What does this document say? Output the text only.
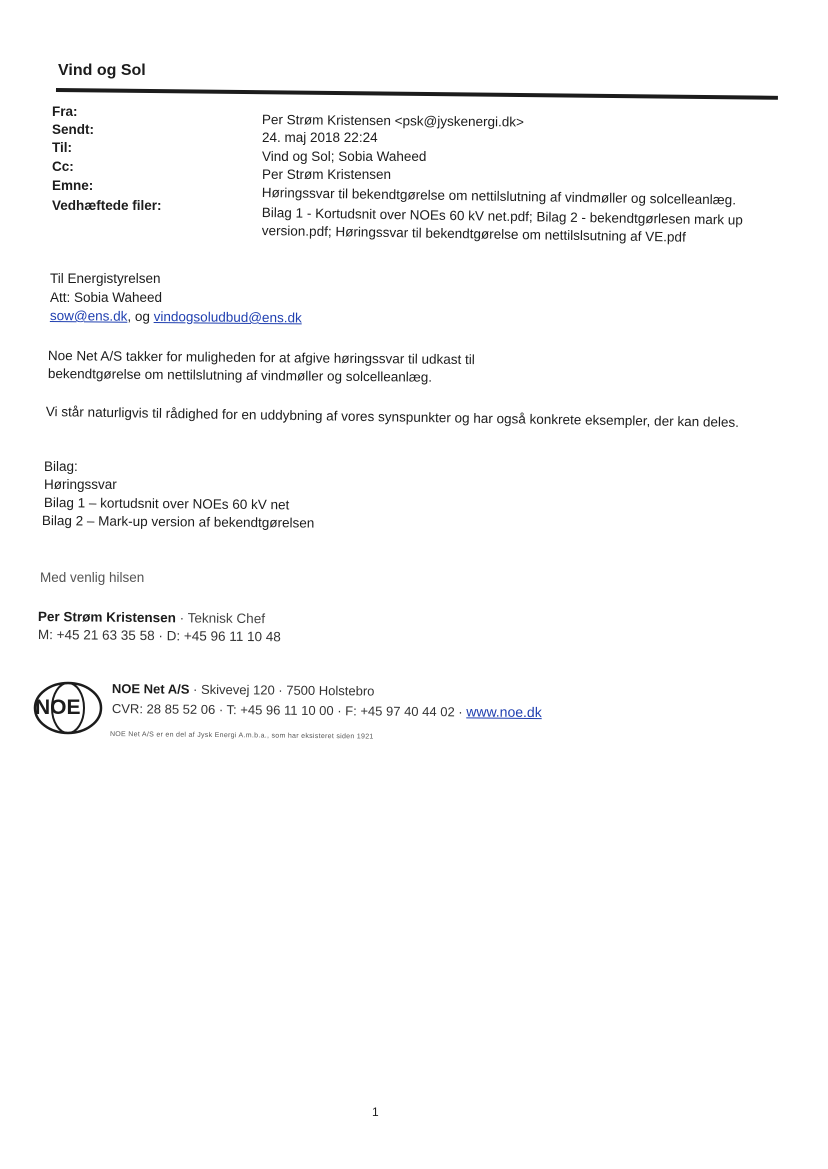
Vind og Sol
Fra:
Sendt:
Til:
Cc:
Emne:
Vedhæftede filer:
Per Strøm Kristensen <psk@jyskenergi.dk>
24. maj 2018 22:24
Vind og Sol; Sobia Waheed
Per Strøm Kristensen
Høringssvar til bekendtgørelse om nettilslutning af vindmøller og solcelleanlæg.
Bilag 1 - Kortudsnit over NOEs 60 kV net.pdf; Bilag 2 - bekendtgørlesen mark up
version.pdf; Høringssvar til bekendtgørelse om nettilslsutning af VE.pdf
Til Energistyrelsen
Att: Sobia Waheed
sow@ens.dk, og vindogsoludbud@ens.dk
Noe Net A/S takker for muligheden for at afgive høringssvar til udkast til
bekendtgørelse om nettilslutning af vindmøller og solcelleanlæg.
Vi står naturligvis til rådighed for en uddybning af vores synspunkter og har også konkrete eksempler, der kan deles.
Bilag:
Høringssvar
Bilag 1 – kortudsnit over NOEs 60 kV net
Bilag 2 – Mark-up version af bekendtgørelsen
Med venlig hilsen
Per Strøm Kristensen · Teknisk Chef
M: +45 21 63 35 58 · D: +45 96 11 10 48
NOE
NOE Net A/S · Skivevej 120 · 7500 Holstebro
CVR: 28 85 52 06 · T: +45 96 11 10 00 · F: +45 97 40 44 02 · www.noe.dk
NOE Net A/S er en del af Jysk Energi A.m.b.a., som har eksisteret siden 1921
1
